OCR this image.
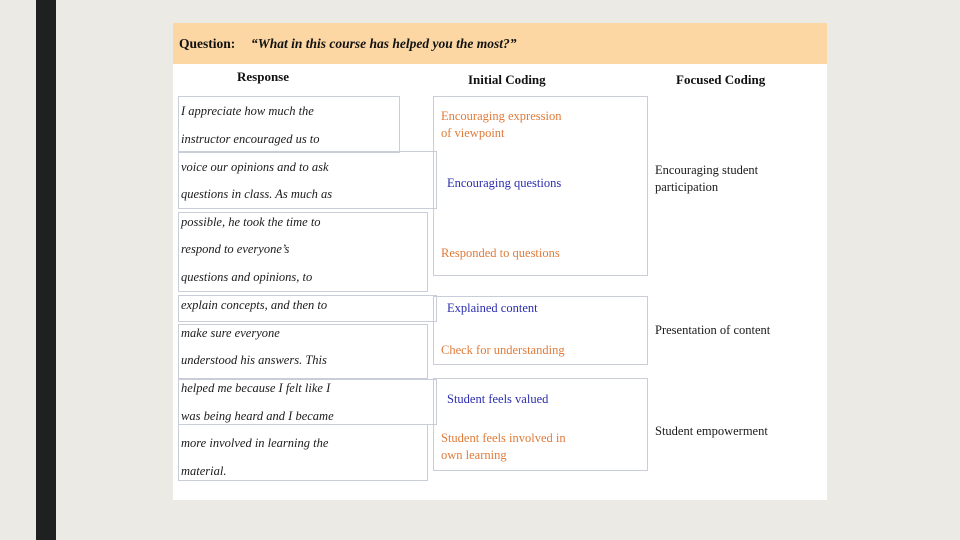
Question: “What in this course has helped you the most?”
Response	Initial Coding	Focused Coding
I appreciate how much the
instructor encouraged us to
voice our opinions and to ask
questions in class. As much as
possible, he took the time to
respond to everyone’s
questions and opinions, to
explain concepts, and then to
make sure everyone
understood his answers. This
helped me because I felt like I
was being heard and I became
more involved in learning the
material.
Encouraging expression
of viewpoint
Encouraging questions
Responded to questions
Explained content
Check for understanding
Student feels valued
Student feels involved in
own learning
Encouraging student
participation
Presentation of content
Student empowerment
